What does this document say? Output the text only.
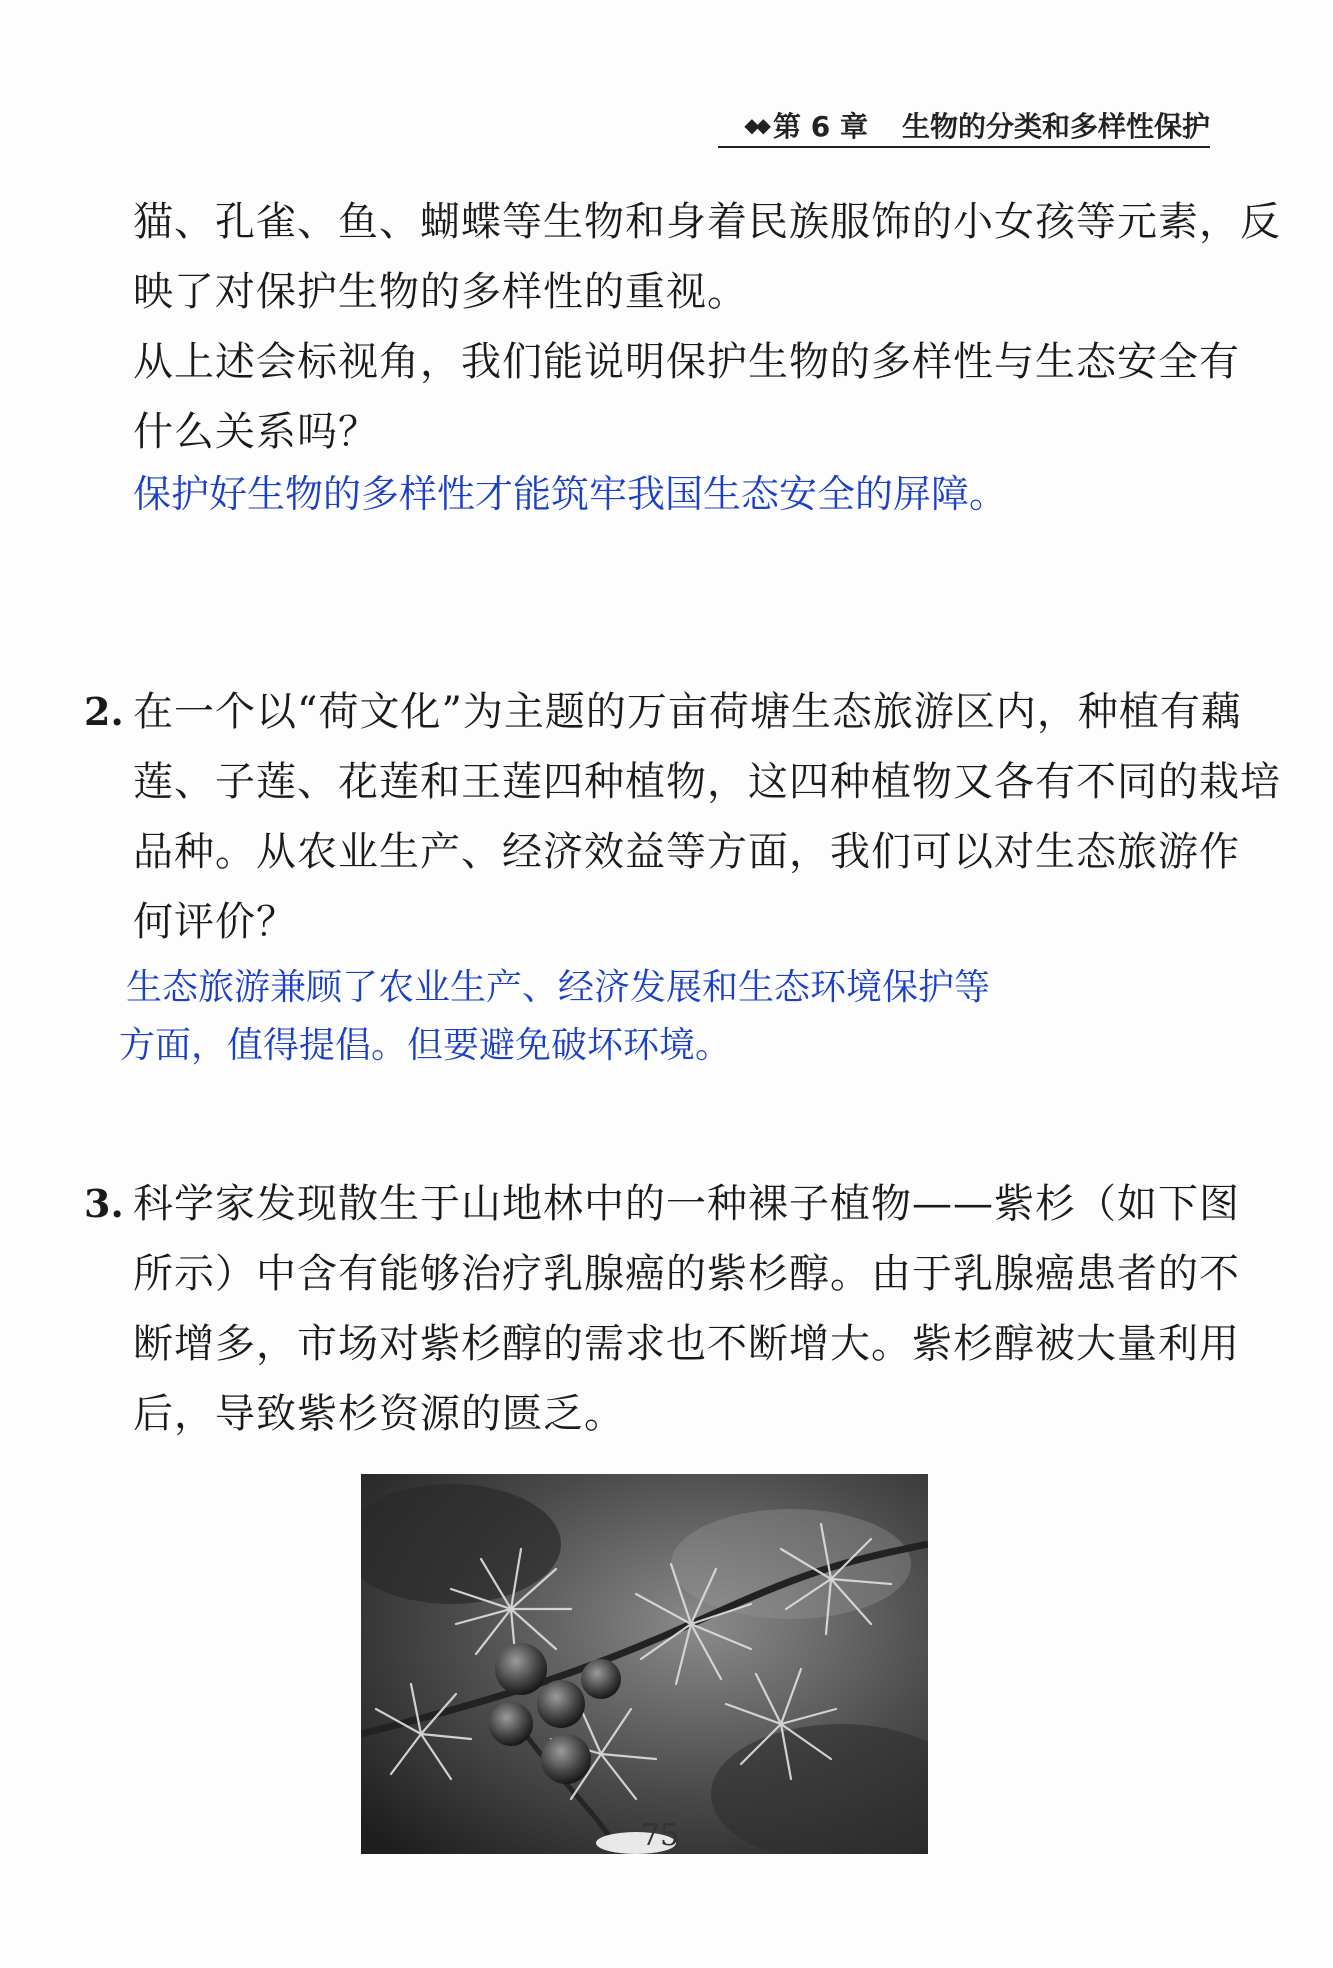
◆◆ 第 6 章 生物的分类和多样性保护
猫、孔雀、鱼、蝴蝶等生物和身着民族服饰的小女孩等元素，反
映了对保护生物的多样性的重视。
从上述会标视角，我们能说明保护生物的多样性与生态安全有
什么关系吗？
保护好生物的多样性才能筑牢我国生态安全的屏障。
2. 在一个以“荷文化”为主题的万亩荷塘生态旅游区内，种植有藕
莲、子莲、花莲和王莲四种植物，这四种植物又各有不同的栽培
品种。从农业生产、经济效益等方面，我们可以对生态旅游作
何评价？
生态旅游兼顾了农业生产、经济发展和生态环境保护等
方面，值得提倡。但要避免破坏环境。
3. 科学家发现散生于山地林中的一种裸子植物——紫杉（如下图
所示）中含有能够治疗乳腺癌的紫杉醇。由于乳腺癌患者的不
断增多，市场对紫杉醇的需求也不断增大。紫杉醇被大量利用
后，导致紫杉资源的匮乏。
75
